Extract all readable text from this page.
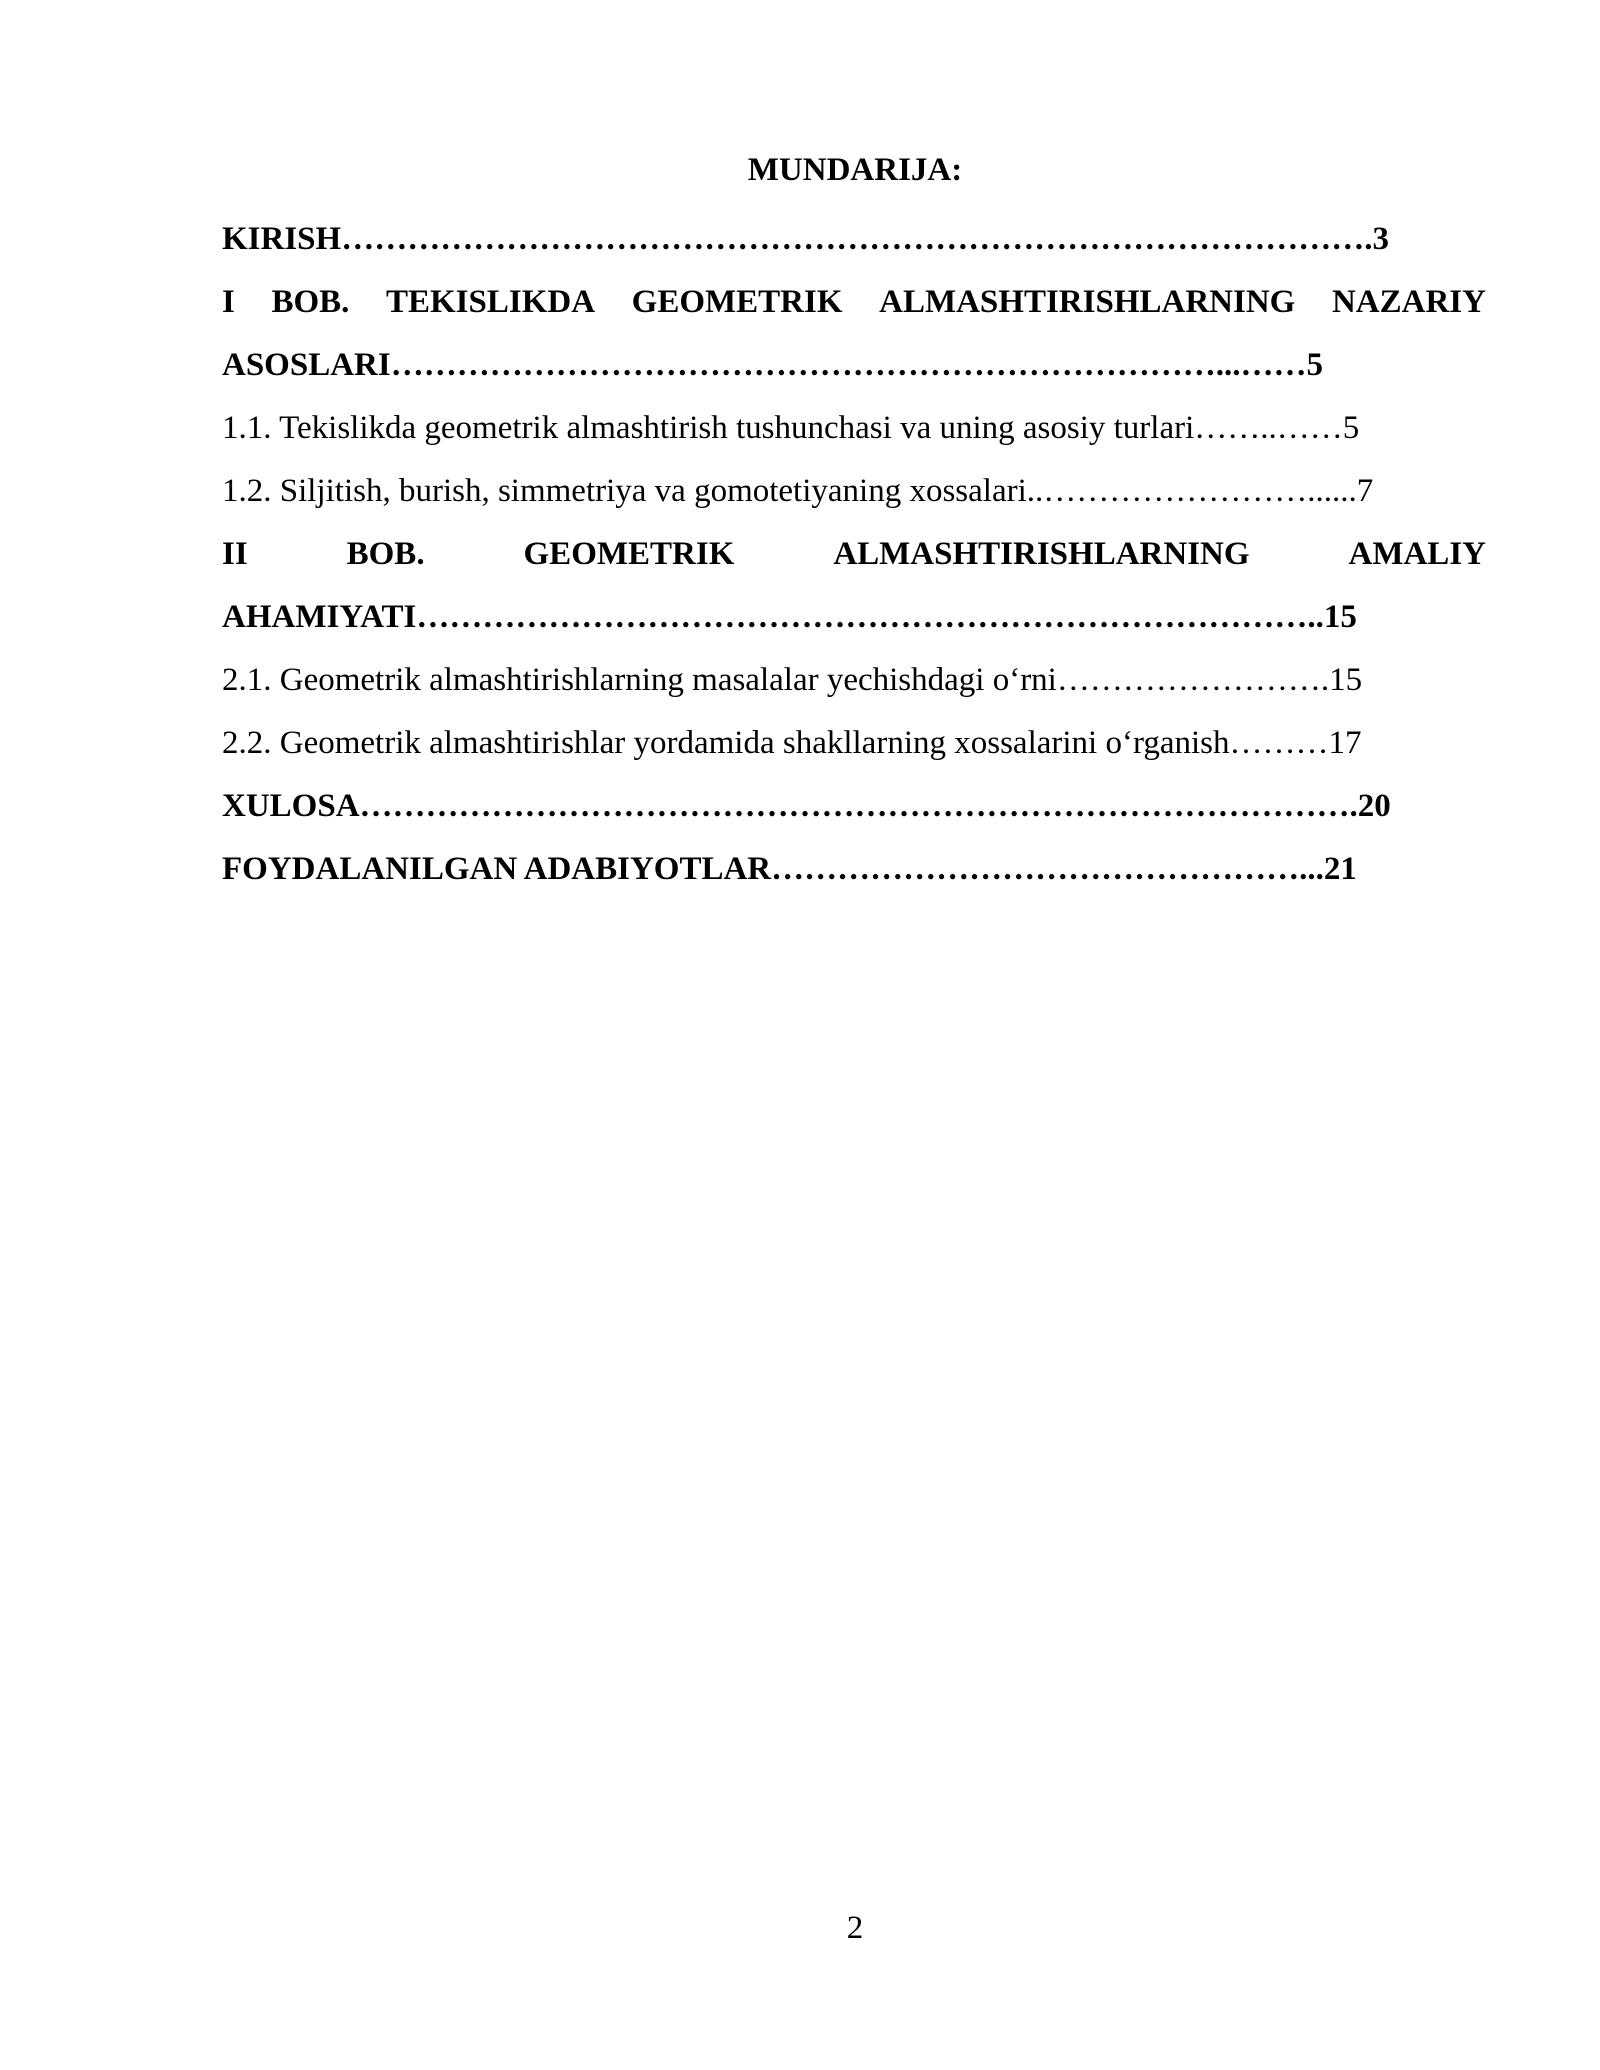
MUNDARIJA:
KIRISH………………………………………………………………………………….3
I BOB. TEKISLIKDA GEOMETRIK ALMASHTIRISHLARNING NAZARIY
ASOSLARI…………………………………………………………………...……5
1.1. Tekislikda geometrik almashtirish tushunchasi va uning asosiy turlari……..……5
1.2. Siljitish, burish, simmetriya va gomotetiyaning xossalari..……………………......7
II	BOB.	GEOMETRIK	ALMASHTIRISHLARNING	AMALIY
AHAMIYATI………………………………………………………………………..15
2.1. Geometrik almashtirishlarning masalalar yechishdagi o‘rni…………………….15
2.2. Geometrik almashtirishlar yordamida shakllarning xossalarini o‘rganish………17
XULOSA……………………………………………………………………………….20
FOYDALANILGAN ADABIYOTLAR…………………………………………...21
2
